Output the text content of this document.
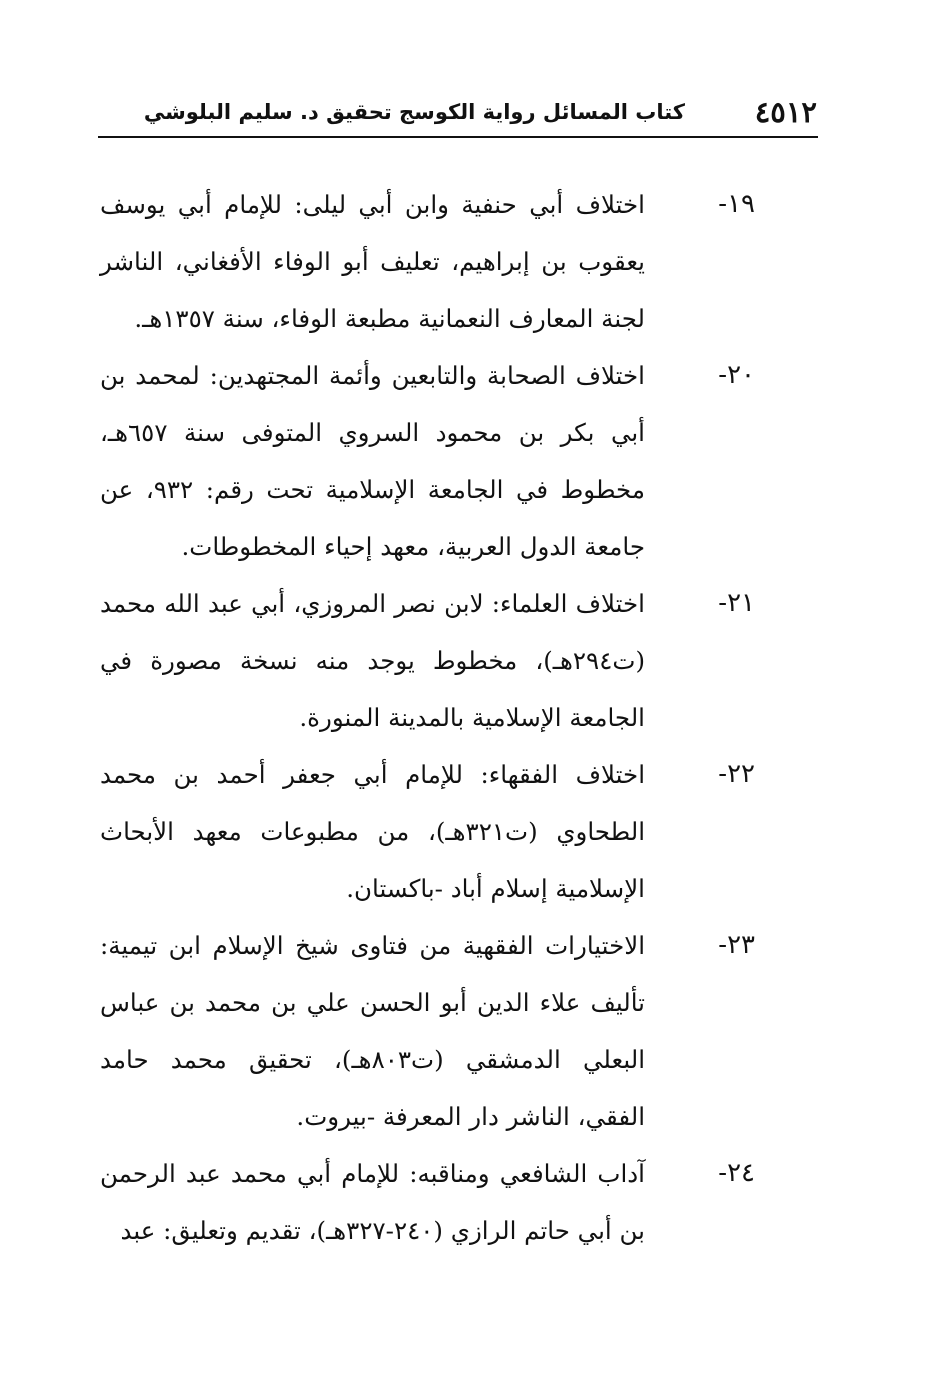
٤٥١٢
كتاب المسائل رواية الكوسج تحقيق د. سليم البلوشي
١٩-
اختلاف أبي حنفية وابن أبي ليلى: للإمام أبي يوسف يعقوب بن إبراهيم، تعليف أبو الوفاء الأفغاني، الناشر لجنة المعارف النعمانية مطبعة الوفاء، سنة ١٣٥٧هـ.
٢٠-
اختلاف الصحابة والتابعين وأئمة المجتهدين: لمحمد بن أبي بكر بن محمود السروي المتوفى سنة ٦٥٧هـ، مخطوط في الجامعة الإسلامية تحت رقم: ٩٣٢، عن جامعة الدول العربية، معهد إحياء المخطوطات.
٢١-
اختلاف العلماء: لابن نصر المروزي، أبي عبد الله محمد (ت٢٩٤هـ)، مخطوط يوجد منه نسخة مصورة في الجامعة الإسلامية بالمدينة المنورة.
٢٢-
اختلاف الفقهاء: للإمام أبي جعفر أحمد بن محمد الطحاوي (ت٣٢١هـ)، من مطبوعات معهد الأبحاث الإسلامية إسلام أباد -باكستان.
٢٣-
الاختيارات الفقهية من فتاوى شيخ الإسلام ابن تيمية: تأليف علاء الدين أبو الحسن علي بن محمد بن عباس البعلي الدمشقي (ت٨٠٣هـ)، تحقيق محمد حامد الفقي، الناشر دار المعرفة -بيروت.
٢٤-
آداب الشافعي ومناقبه: للإمام أبي محمد عبد الرحمن بن أبي حاتم الرازي (٢٤٠-٣٢٧هـ)، تقديم وتعليق: عبد
